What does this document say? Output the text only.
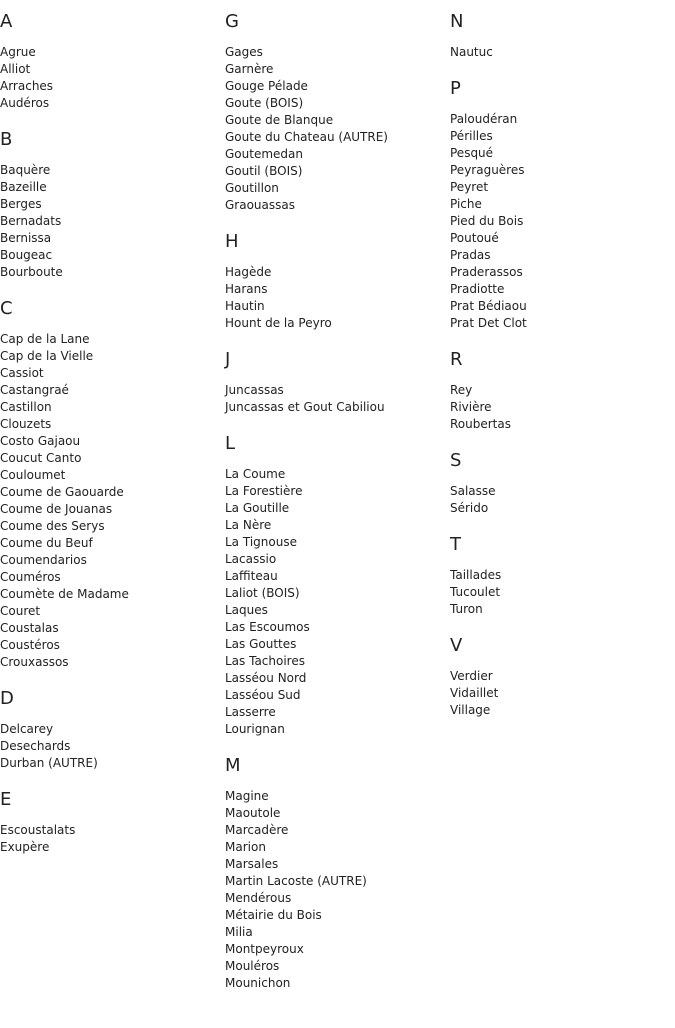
A
Agrue
Alliot
Arraches
Audéros
B
Baquère
Bazeille
Berges
Bernadats
Bernissa
Bougeac
Bourboute
C
Cap de la Lane
Cap de la Vielle
Cassiot
Castangraé
Castillon
Clouzets
Costo Gajaou
Coucut Canto
Couloumet
Coume de Gaouarde
Coume de Jouanas
Coume des Serys
Coume du Beuf
Coumendarios
Couméros
Coumète de Madame
Couret
Coustalas
Coustéros
Crouxassos
D
Delcarey
Desechards
Durban (AUTRE)
E
Escoustalats
Exupère
G
Gages
Garnère
Gouge Pélade
Goute (BOIS)
Goute de Blanque
Goute du Chateau (AUTRE)
Goutemedan
Goutil (BOIS)
Goutillon
Graouassas
H
Hagède
Harans
Hautin
Hount de la Peyro
J
Juncassas
Juncassas et Gout Cabiliou
L
La Coume
La Forestière
La Goutille
La Nère
La Tignouse
Lacassio
Laffiteau
Laliot (BOIS)
Laques
Las Escoumos
Las Gouttes
Las Tachoires
Lasséou Nord
Lasséou Sud
Lasserre
Lourignan
M
Magine
Maoutole
Marcadère
Marion
Marsales
Martin Lacoste (AUTRE)
Mendérous
Métairie du Bois
Milia
Montpeyroux
Mouléros
Mounichon
N
Nautuc
P
Paloudéran
Périlles
Pesqué
Peyraguères
Peyret
Piche
Pied du Bois
Poutoué
Pradas
Praderassos
Pradiotte
Prat Bédiaou
Prat Det Clot
R
Rey
Rivière
Roubertas
S
Salasse
Sérido
T
Taillades
Tucoulet
Turon
V
Verdier
Vidaillet
Village
